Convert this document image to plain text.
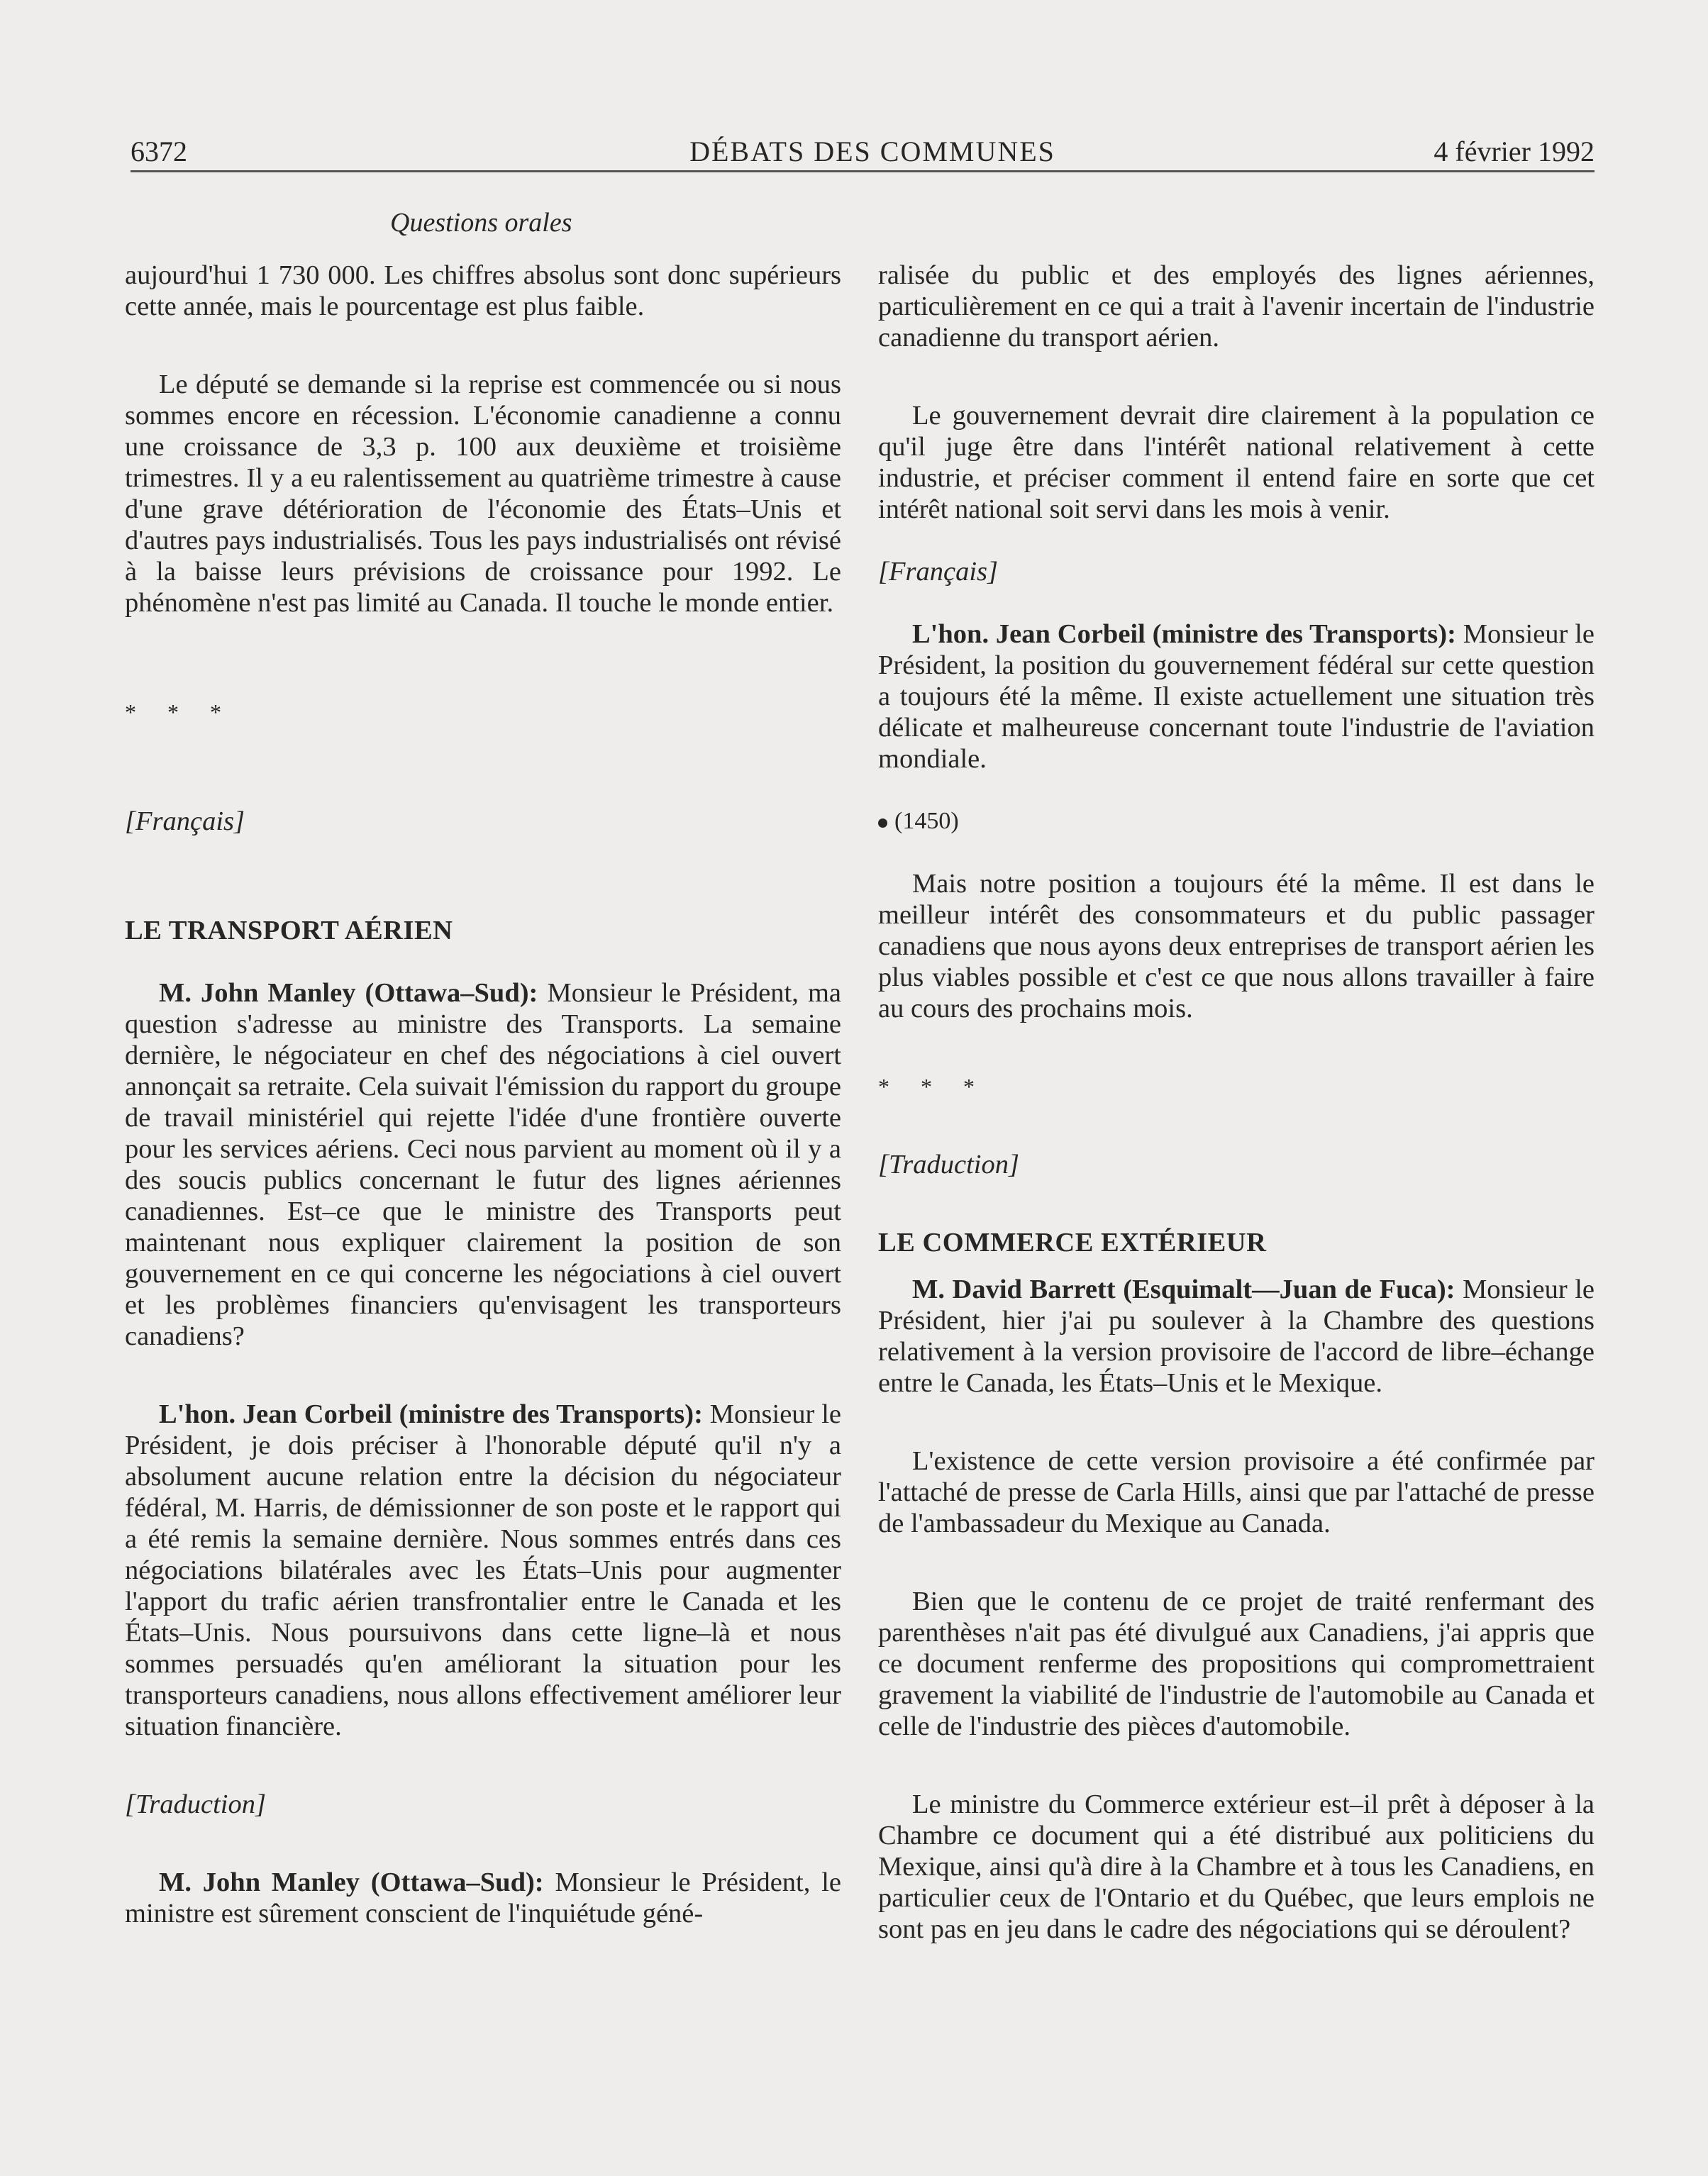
6372	DÉBATS DES COMMUNES	4 février 1992
Questions orales

aujourd'hui 1 730 000. Les chiffres absolus sont donc supérieurs cette année, mais le pourcentage est plus faible.

Le député se demande si la reprise est commencée ou si nous sommes encore en récession. L'économie canadienne a connu une croissance de 3,3 p. 100 aux deuxième et troisième trimestres. Il y a eu ralentissement au quatrième trimestre à cause d'une grave détérioration de l'économie des États–Unis et d'autres pays industrialisés. Tous les pays industrialisés ont révisé à la baisse leurs prévisions de croissance pour 1992. Le phénomène n'est pas limité au Canada. Il touche le monde entier.

* * *

[Français]

LE TRANSPORT AÉRIEN

M. John Manley (Ottawa–Sud): Monsieur le Président, ma question s'adresse au ministre des Transports. La semaine dernière, le négociateur en chef des négociations à ciel ouvert annonçait sa retraite. Cela suivait l'émission du rapport du groupe de travail ministériel qui rejette l'idée d'une frontière ouverte pour les services aériens. Ceci nous parvient au moment où il y a des soucis publics concernant le futur des lignes aériennes canadiennes. Est–ce que le ministre des Transports peut maintenant nous expliquer clairement la position de son gouvernement en ce qui concerne les négociations à ciel ouvert et les problèmes financiers qu'envisagent les transporteurs canadiens?

L'hon. Jean Corbeil (ministre des Transports): Monsieur le Président, je dois préciser à l'honorable député qu'il n'y a absolument aucune relation entre la décision du négociateur fédéral, M. Harris, de démissionner de son poste et le rapport qui a été remis la semaine dernière. Nous sommes entrés dans ces négociations bilatérales avec les États–Unis pour augmenter l'apport du trafic aérien transfrontalier entre le Canada et les États–Unis. Nous poursuivons dans cette ligne–là et nous sommes persuadés qu'en améliorant la situation pour les transporteurs canadiens, nous allons effectivement améliorer leur situation financière.

[Traduction]

M. John Manley (Ottawa–Sud): Monsieur le Président, le ministre est sûrement conscient de l'inquiétude géné-

ralisée du public et des employés des lignes aériennes, particulièrement en ce qui a trait à l'avenir incertain de l'industrie canadienne du transport aérien.

Le gouvernement devrait dire clairement à la population ce qu'il juge être dans l'intérêt national relativement à cette industrie, et préciser comment il entend faire en sorte que cet intérêt national soit servi dans les mois à venir.

[Français]

L'hon. Jean Corbeil (ministre des Transports): Monsieur le Président, la position du gouvernement fédéral sur cette question a toujours été la même. Il existe actuellement une situation très délicate et malheureuse concernant toute l'industrie de l'aviation mondiale.

(1450)

Mais notre position a toujours été la même. Il est dans le meilleur intérêt des consommateurs et du public passager canadiens que nous ayons deux entreprises de transport aérien les plus viables possible et c'est ce que nous allons travailler à faire au cours des prochains mois.

* * *

[Traduction]

LE COMMERCE EXTÉRIEUR

M. David Barrett (Esquimalt—Juan de Fuca): Monsieur le Président, hier j'ai pu soulever à la Chambre des questions relativement à la version provisoire de l'accord de libre–échange entre le Canada, les États–Unis et le Mexique.

L'existence de cette version provisoire a été confirmée par l'attaché de presse de Carla Hills, ainsi que par l'attaché de presse de l'ambassadeur du Mexique au Canada.

Bien que le contenu de ce projet de traité renfermant des parenthèses n'ait pas été divulgué aux Canadiens, j'ai appris que ce document renferme des propositions qui compromettraient gravement la viabilité de l'industrie de l'automobile au Canada et celle de l'industrie des pièces d'automobile.

Le ministre du Commerce extérieur est–il prêt à déposer à la Chambre ce document qui a été distribué aux politiciens du Mexique, ainsi qu'à dire à la Chambre et à tous les Canadiens, en particulier ceux de l'Ontario et du Québec, que leurs emplois ne sont pas en jeu dans le cadre des négociations qui se déroulent?
